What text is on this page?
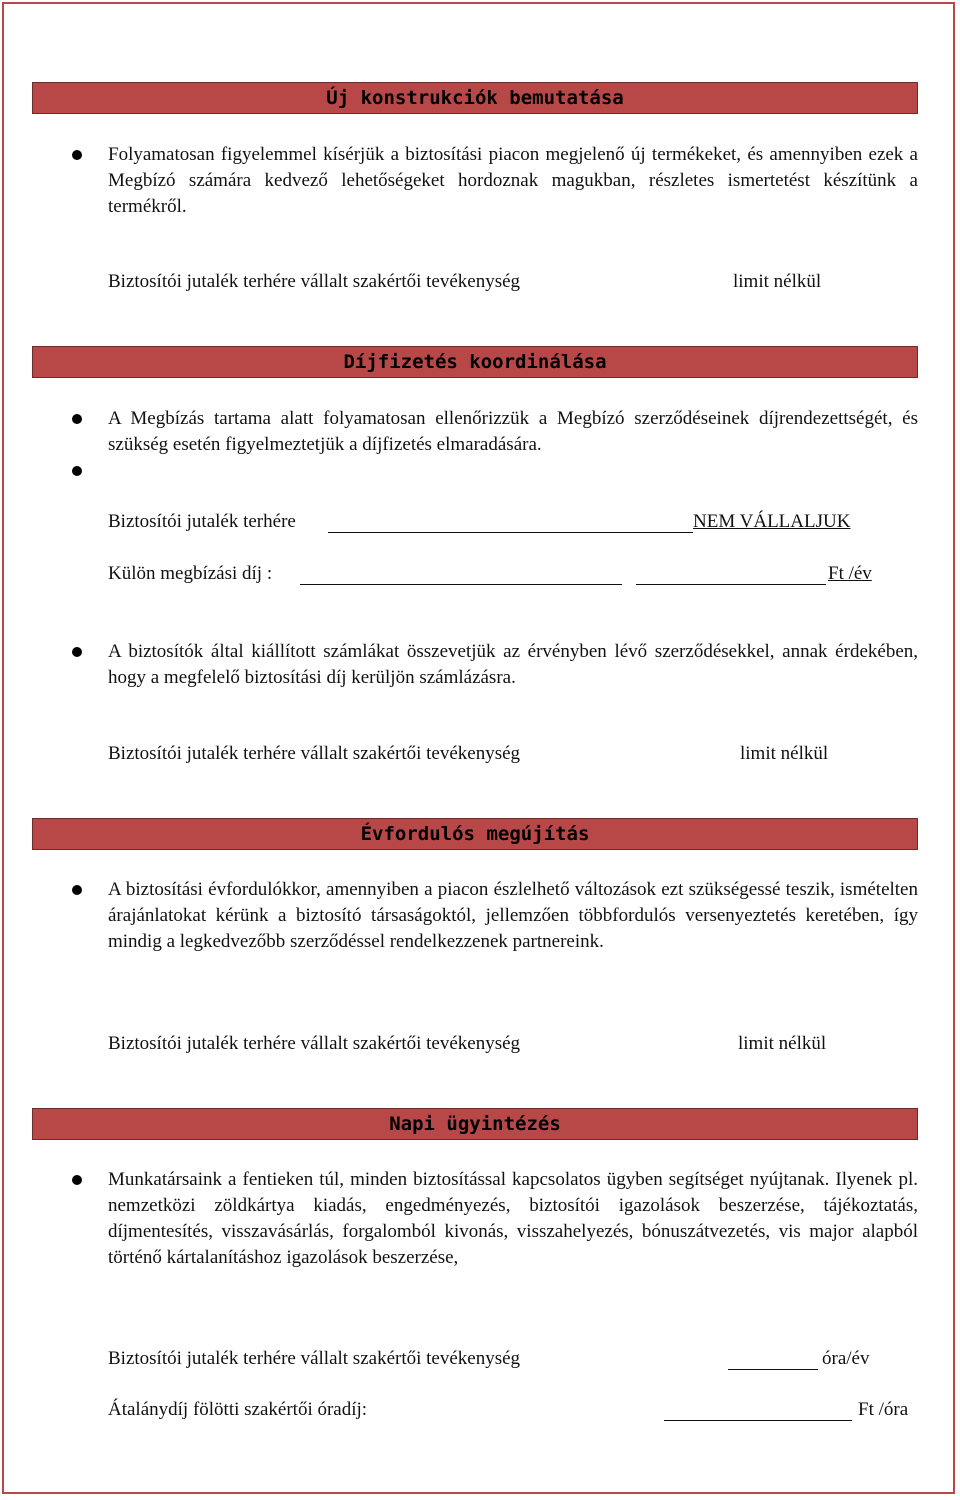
Új konstrukciók bemutatása
Folyamatosan figyelemmel kísérjük a biztosítási piacon megjelenő új termékeket, és amennyiben ezek a Megbízó számára kedvező lehetőségeket hordoznak magukban, részletes ismertetést készítünk a termékről.
Biztosítói jutalék terhére vállalt szakértői tevékenység	limit nélkül
Díjfizetés koordinálása
A Megbízás tartama alatt folyamatosan ellenőrizzük a Megbízó szerződéseinek díjrendezettségét, és szükség esetén figyelmeztetjük a díjfizetés elmaradására.
Biztosítói jutalék terhére	NEM VÁLLALJUK
Külön megbízási díj :	Ft /év
A biztosítók által kiállított számlákat összevetjük az érvényben lévő szerződésekkel, annak érdekében, hogy a megfelelő biztosítási díj kerüljön számlázásra.
Biztosítói jutalék terhére vállalt szakértői tevékenység	limit nélkül
Évfordulós megújítás
A biztosítási évfordulókkor, amennyiben a piacon észlelhető változások ezt szükségessé teszik, ismételten árajánlatokat kérünk a biztosító társaságoktól, jellemzően többfordulós versenyeztetés keretében, így mindig a legkedvezőbb szerződéssel rendelkezzenek partnereink.
Biztosítói jutalék terhére vállalt szakértői tevékenység	limit nélkül
Napi ügyintézés
Munkatársaink a fentieken túl, minden biztosítással kapcsolatos ügyben segítséget nyújtanak. Ilyenek pl. nemzetközi zöldkártya kiadás, engedményezés, biztosítói igazolások beszerzése, tájékoztatás, díjmentesítés, visszavásárlás, forgalomból kivonás, visszahelyezés, bónuszátvezetés, vis major alapból történő kártalanításhoz igazolások beszerzése,
Biztosítói jutalék terhére vállalt szakértői tevékenység	óra/év
Átalánydíj fölötti szakértői óradíj:	Ft /óra
